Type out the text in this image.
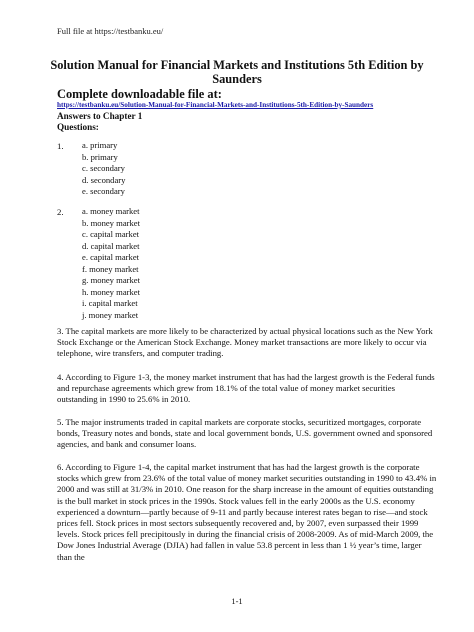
Full file at https://testbanku.eu/
Solution Manual for Financial Markets and Institutions 5th Edition by Saunders
Complete downloadable file at:
https://testbanku.eu/Solution-Manual-for-Financial-Markets-and-Institutions-5th-Edition-by-Saunders
Answers to Chapter 1
Questions:
1. a. primary
b. primary
c. secondary
d. secondary
e. secondary
2. a. money market
b. money market
c. capital market
d. capital market
e. capital market
f. money market
g. money market
h. money market
i. capital market
j. money market

3. The capital markets are more likely to be characterized by actual physical locations such as the New York Stock Exchange or the American Stock Exchange. Money market transactions are more likely to occur via telephone, wire transfers, and computer trading.

4. According to Figure 1-3, the money market instrument that has had the largest growth is the Federal funds and repurchase agreements which grew from 18.1% of the total value of money market securities outstanding in 1990 to 25.6% in 2010.

5. The major instruments traded in capital markets are corporate stocks, securitized mortgages, corporate bonds, Treasury notes and bonds, state and local government bonds, U.S. government owned and sponsored agencies, and bank and consumer loans.

6. According to Figure 1-4, the capital market instrument that has had the largest growth is the corporate stocks which grew from 23.6% of the total value of money market securities outstanding in 1990 to 43.4% in 2000 and was still at 31/3% in 2010. One reason for the sharp increase in the amount of equities outstanding is the bull market in stock prices in the 1990s. Stock values fell in the early 2000s as the U.S. economy experienced a downturn—partly because of 9-11 and partly because interest rates began to rise—and stock prices fell. Stock prices in most sectors subsequently recovered and, by 2007, even surpassed their 1999 levels. Stock prices fell precipitously in during the financial crisis of 2008-2009. As of mid-March 2009, the Dow Jones Industrial Average (DJIA) had fallen in value 53.8 percent in less than 1 ½ year’s time, larger than the

1-1
